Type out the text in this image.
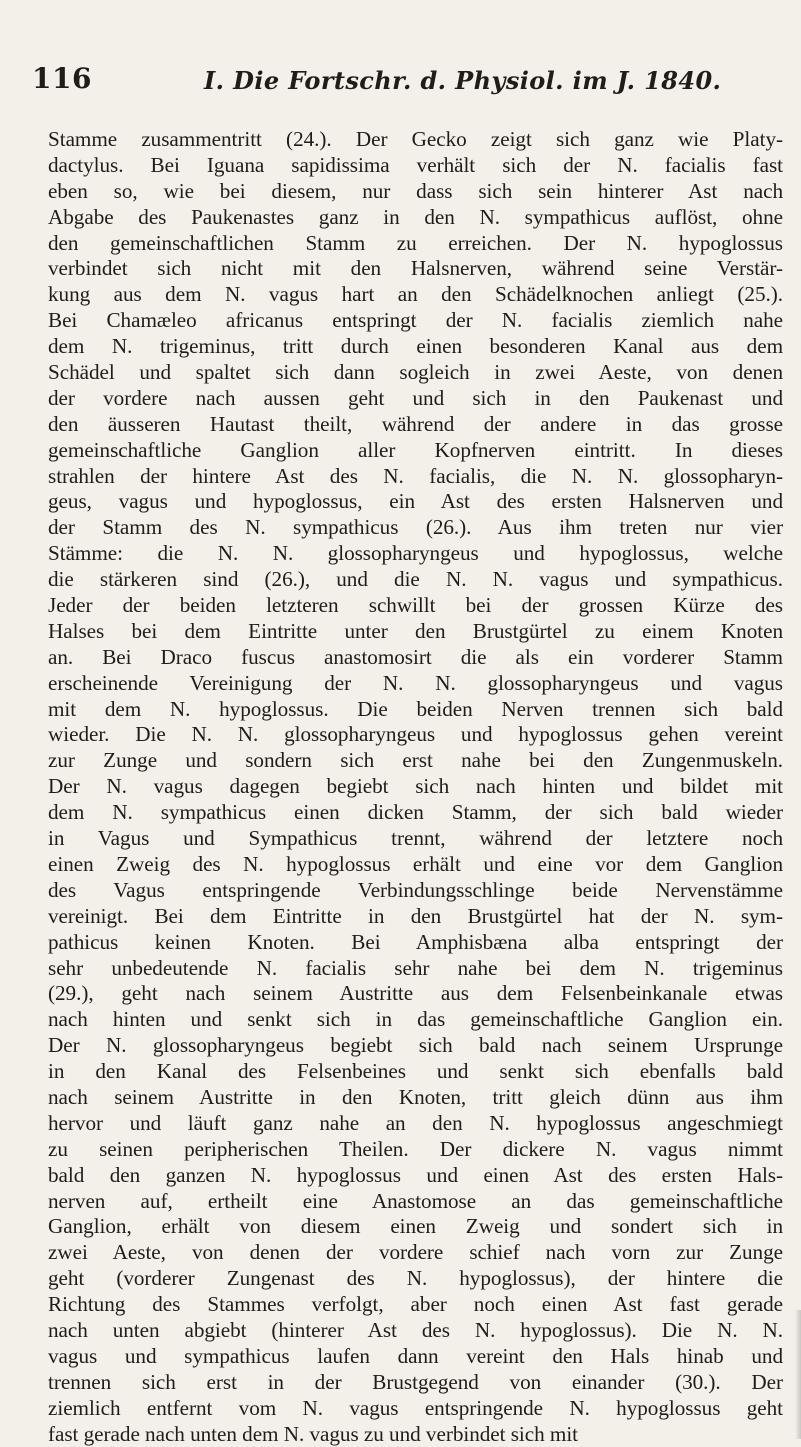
116	I. Die Fortschr. d. Physiol. im J. 1840.
Stamme zusammentritt (24.). Der Gecko zeigt sich ganz wie Platy-
dactylus. Bei Iguana sapidissima verhält sich der N. facialis fast
eben so, wie bei diesem, nur dass sich sein hinterer Ast nach
Abgabe des Paukenastes ganz in den N. sympathicus auflöst, ohne
den gemeinschaftlichen Stamm zu erreichen. Der N. hypoglossus
verbindet sich nicht mit den Halsnerven, während seine Verstär-
kung aus dem N. vagus hart an den Schädelknochen anliegt (25.).
Bei Chamæleo africanus entspringt der N. facialis ziemlich nahe
dem N. trigeminus, tritt durch einen besonderen Kanal aus dem
Schädel und spaltet sich dann sogleich in zwei Aeste, von denen
der vordere nach aussen geht und sich in den Paukenast und
den äusseren Hautast theilt, während der andere in das grosse
gemeinschaftliche Ganglion aller Kopfnerven eintritt. In dieses
strahlen der hintere Ast des N. facialis, die N. N. glossopharyn-
geus, vagus und hypoglossus, ein Ast des ersten Halsnerven und
der Stamm des N. sympathicus (26.). Aus ihm treten nur vier
Stämme: die N. N. glossopharyngeus und hypoglossus, welche
die stärkeren sind (26.), und die N. N. vagus und sympathicus.
Jeder der beiden letzteren schwillt bei der grossen Kürze des
Halses bei dem Eintritte unter den Brustgürtel zu einem Knoten
an. Bei Draco fuscus anastomosirt die als ein vorderer Stamm
erscheinende Vereinigung der N. N. glossopharyngeus und vagus
mit dem N. hypoglossus. Die beiden Nerven trennen sich bald
wieder. Die N. N. glossopharyngeus und hypoglossus gehen vereint
zur Zunge und sondern sich erst nahe bei den Zungenmuskeln.
Der N. vagus dagegen begiebt sich nach hinten und bildet mit
dem N. sympathicus einen dicken Stamm, der sich bald wieder
in Vagus und Sympathicus trennt, während der letztere noch
einen Zweig des N. hypoglossus erhält und eine vor dem Ganglion
des Vagus entspringende Verbindungsschlinge beide Nervenstämme
vereinigt. Bei dem Eintritte in den Brustgürtel hat der N. sym-
pathicus keinen Knoten. Bei Amphisbæna alba entspringt der
sehr unbedeutende N. facialis sehr nahe bei dem N. trigeminus
(29.), geht nach seinem Austritte aus dem Felsenbeinkanale etwas
nach hinten und senkt sich in das gemeinschaftliche Ganglion ein.
Der N. glossopharyngeus begiebt sich bald nach seinem Ursprunge
in den Kanal des Felsenbeines und senkt sich ebenfalls bald
nach seinem Austritte in den Knoten, tritt gleich dünn aus ihm
hervor und läuft ganz nahe an den N. hypoglossus angeschmiegt
zu seinen peripherischen Theilen. Der dickere N. vagus nimmt
bald den ganzen N. hypoglossus und einen Ast des ersten Hals-
nerven auf, ertheilt eine Anastomose an das gemeinschaftliche
Ganglion, erhält von diesem einen Zweig und sondert sich in
zwei Aeste, von denen der vordere schief nach vorn zur Zunge
geht (vorderer Zungenast des N. hypoglossus), der hintere die
Richtung des Stammes verfolgt, aber noch einen Ast fast gerade
nach unten abgiebt (hinterer Ast des N. hypoglossus). Die N. N.
vagus und sympathicus laufen dann vereint den Hals hinab und
trennen sich erst in der Brustgegend von einander (30.). Der
ziemlich entfernt vom N. vagus entspringende N. hypoglossus geht
fast gerade nach unten dem N. vagus zu und verbindet sich mit
